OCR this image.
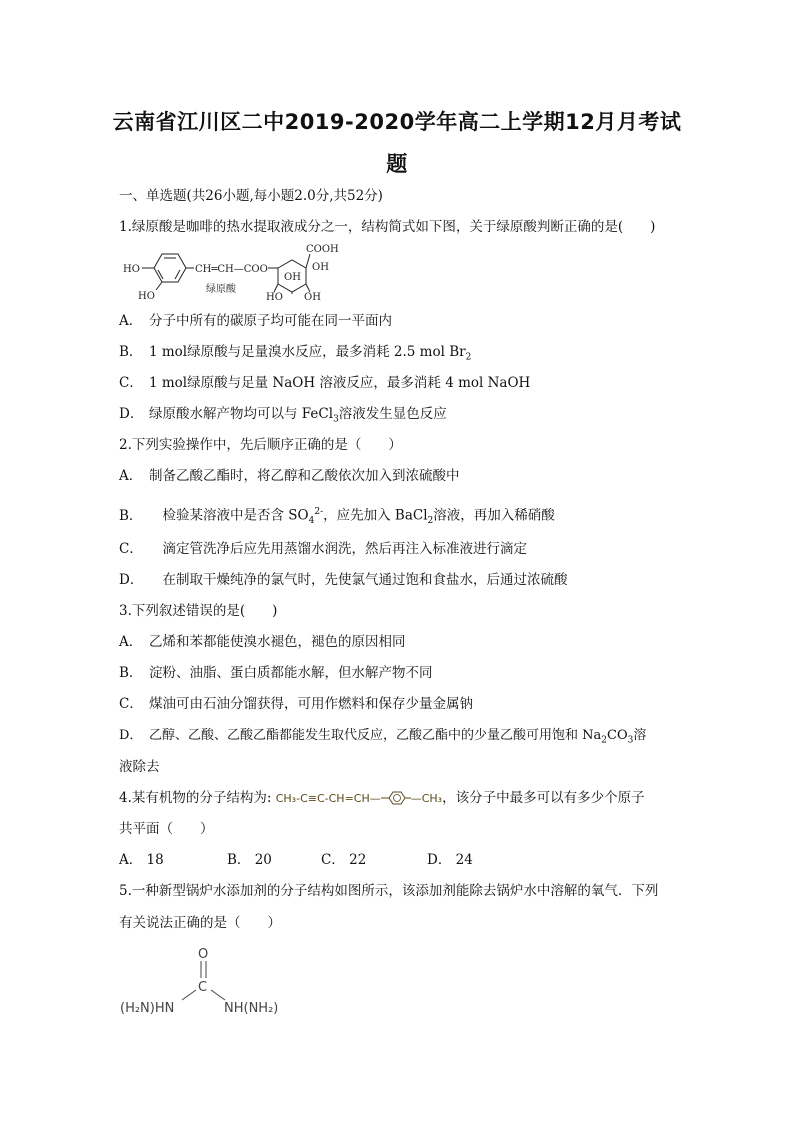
云南省江川区二中2019-2020学年高二上学期12月月考试
题
一、单选题(共26小题,每小题2.0分,共52分)
1.绿原酸是咖啡的热水提取液成分之一，结构简式如下图，关于绿原酸判断正确的是(　　)
HO
HO
CH═CH—COO
绿原酸
COOH
OH
OH
HO
OH
A． 分子中所有的碳原子均可能在同一平面内
B． 1 mol绿原酸与足量溴水反应，最多消耗 2.5 mol $Br_2$
C． 1 mol绿原酸与足量 NaOH 溶液反应，最多消耗 4 mol NaOH
D． 绿原酸水解产物均可以与 FeCl$_3$溶液发生显色反应
2.下列实验操作中，先后顺序正确的是（　　）
A． 制备乙酸乙酯时，将乙醇和乙酸依次加入到浓硫酸中
B．  检验某溶液中是否含 $SO_4^{2-}$，应先加入 BaCl$_2$溶液，再加入稀硝酸
C．  滴定管洗净后应先用蒸馏水润洗，然后再注入标准液进行滴定
D．  在制取干燥纯净的氯气时，先使氯气通过饱和食盐水，后通过浓硫酸
3.下列叙述错误的是(　　)
A． 乙烯和苯都能使溴水褪色，褪色的原因相同
B． 淀粉、油脂、蛋白质都能水解，但水解产物不同
C． 煤油可由石油分馏获得，可用作燃料和保存少量金属钠
D． 乙醇、乙酸、乙酸乙酯都能发生取代反应，乙酸乙酯中的少量乙酸可用饱和 $Na_2CO_3$溶
液除去
4.某有机物的分子结构为: CH₃-C≡C-CH=CH—	—CH₃，该分子中最多可以有多少个原子
共平面（　　）
A． 18	B． 20	C． 22	D． 24
5.一种新型锅炉水添加剂的分子结构如图所示，该添加剂能除去锅炉水中溶解的氧气．下列
有关说法正确的是（　　）
O
C
(H₂N)HN	NH(NH₂)
